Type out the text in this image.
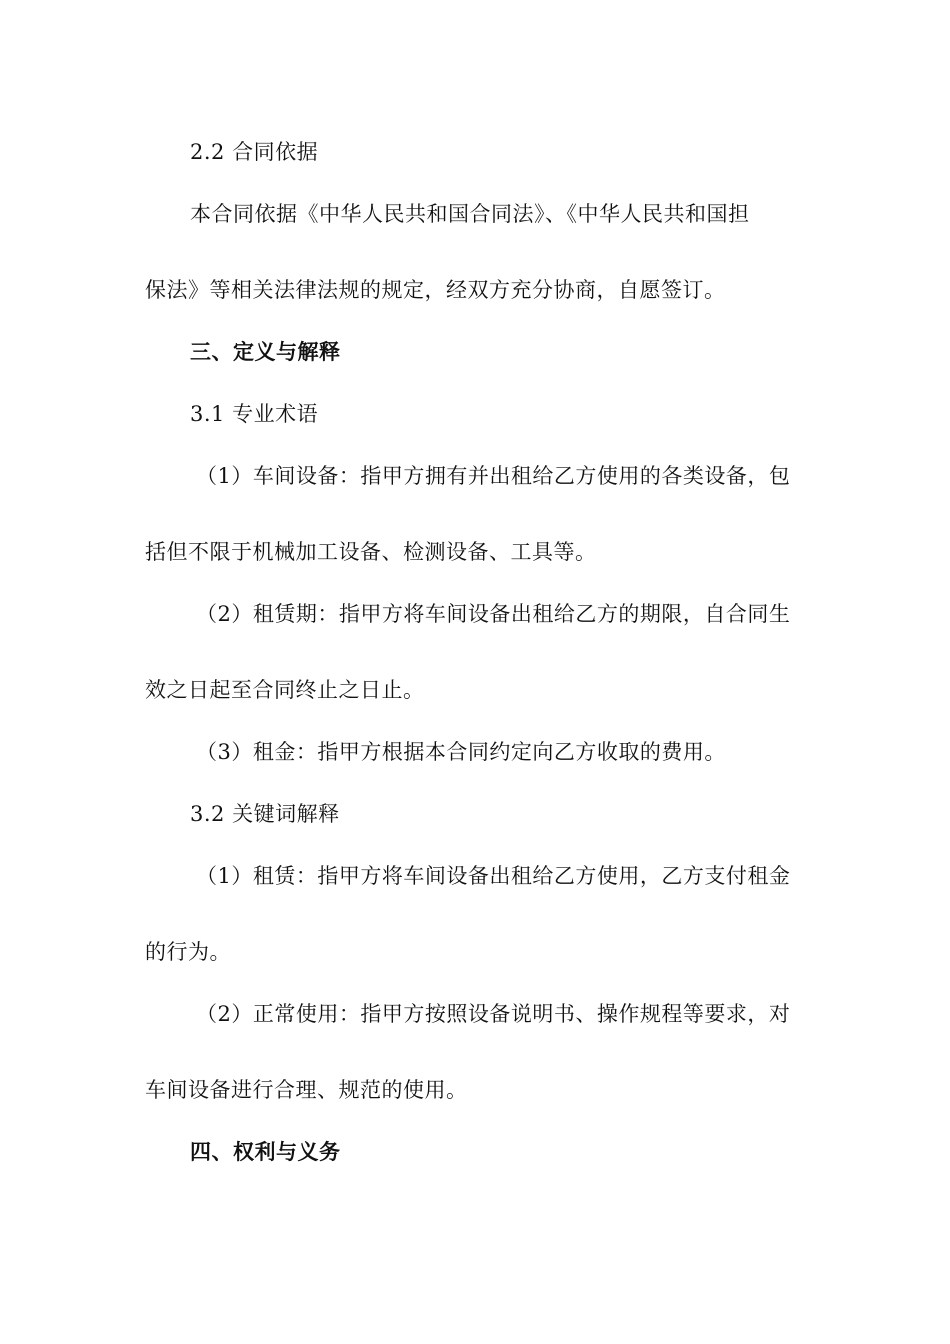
2.2 合同依据

本合同依据《中华人民共和国合同法》、《中华人民共和国担

保法》等相关法律法规的规定，经双方充分协商，自愿签订。

三、定义与解释

3.1 专业术语

（1）车间设备：指甲方拥有并出租给乙方使用的各类设备，包

括但不限于机械加工设备、检测设备、工具等。

（2）租赁期：指甲方将车间设备出租给乙方的期限，自合同生

效之日起至合同终止之日止。

（3）租金：指甲方根据本合同约定向乙方收取的费用。

3.2 关键词解释

（1）租赁：指甲方将车间设备出租给乙方使用，乙方支付租金

的行为。

（2）正常使用：指甲方按照设备说明书、操作规程等要求，对

车间设备进行合理、规范的使用。

四、权利与义务
